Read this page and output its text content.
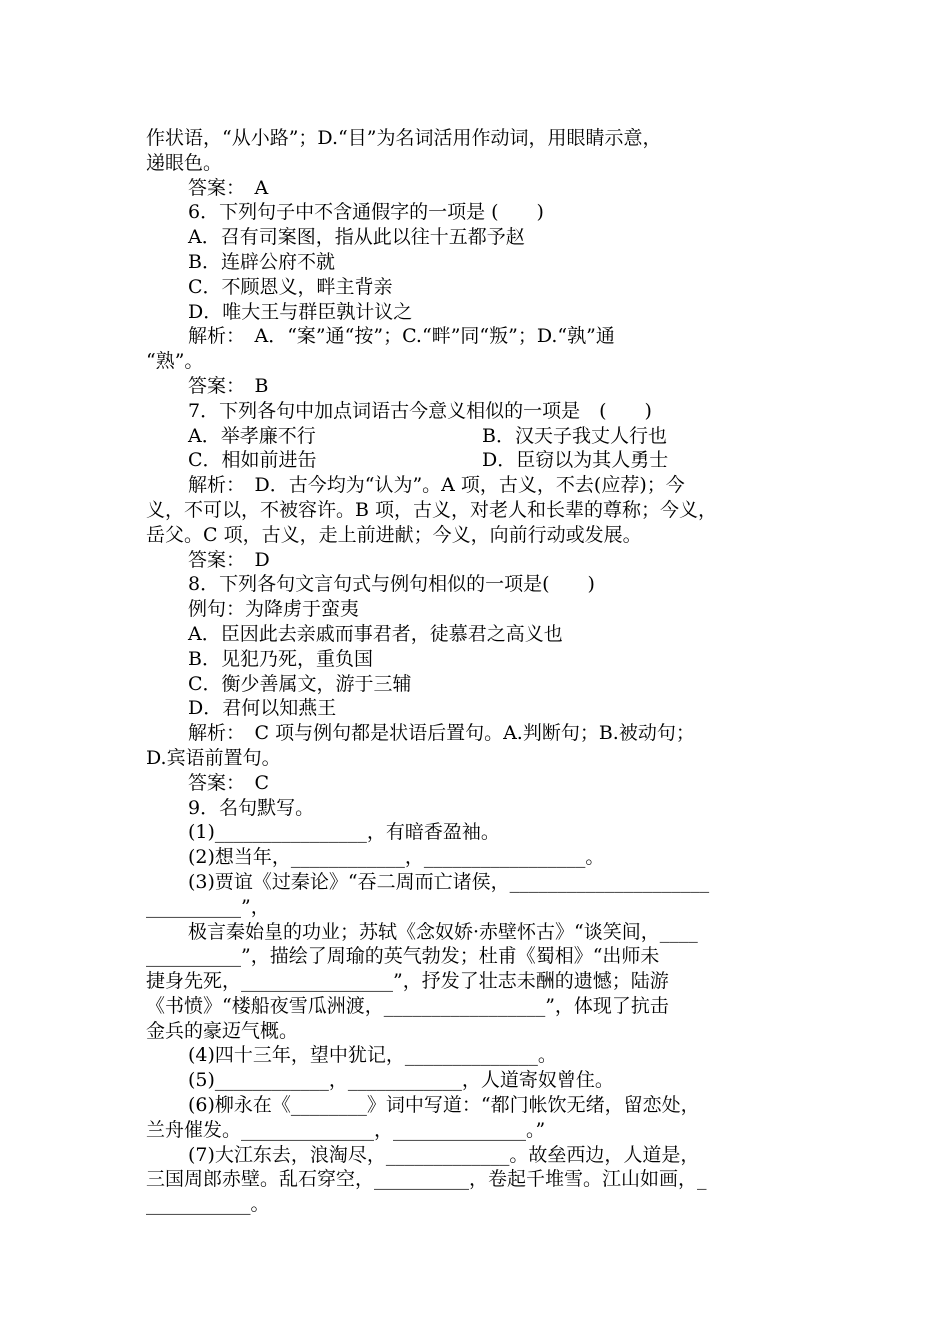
作状语，“从小路”；D.“目”为名词活用作动词，用眼睛示意，
递眼色。
答案：　A
6．下列句子中不含通假字的一项是 (　　)
A．召有司案图，指从此以往十五都予赵
B．连辟公府不就
C．不顾恩义，畔主背亲
D．唯大王与群臣孰计议之
解析：　A．“案”通“按”；C.“畔”同“叛”；D.“孰”通
“熟”。
答案：　B
7．下列各句中加点词语古今意义相似的一项是　(　　)
A．举孝廉不行	B．汉天子我丈人行也
C．相如前进缶	D．臣窃以为其人勇士
解析：　D．古今均为“认为”。A 项，古义，不去(应荐)；今
义，不可以，不被容许。B 项，古义，对老人和长辈的尊称；今义，
岳父。C 项，古义，走上前进献；今义，向前行动或发展。
答案：　D
8．下列各句文言句式与例句相似的一项是(　　)
例句：为降虏于蛮夷
A．臣因此去亲戚而事君者，徒慕君之高义也
B．见犯乃死，重负国
C．衡少善属文，游于三辅
D．君何以知燕王
解析：　C 项与例句都是状语后置句。A.判断句；B.被动句；
D.宾语前置句。
答案：　C
9．名句默写。
(1)________________，有暗香盈袖。
(2)想当年，____________，_________________。
(3)贾谊《过秦论》“吞二周而亡诸侯，_____________________
__________”，
极言秦始皇的功业；苏轼《念奴娇·赤壁怀古》“谈笑间，____
__________”，描绘了周瑜的英气勃发；杜甫《蜀相》“出师未
捷身先死，________________”，抒发了壮志未酬的遗憾；陆游
《书愤》“楼船夜雪瓜洲渡，_________________”，体现了抗击
金兵的豪迈气概。
(4)四十三年，望中犹记，______________。
(5)____________，____________，人道寄奴曾住。
(6)柳永在《________》词中写道：“都门帐饮无绪，留恋处，
兰舟催发。______________，______________。”
(7)大江东去，浪淘尽，_____________。故垒西边，人道是，
三国周郎赤壁。乱石穿空，__________，卷起千堆雪。江山如画，_
___________。
